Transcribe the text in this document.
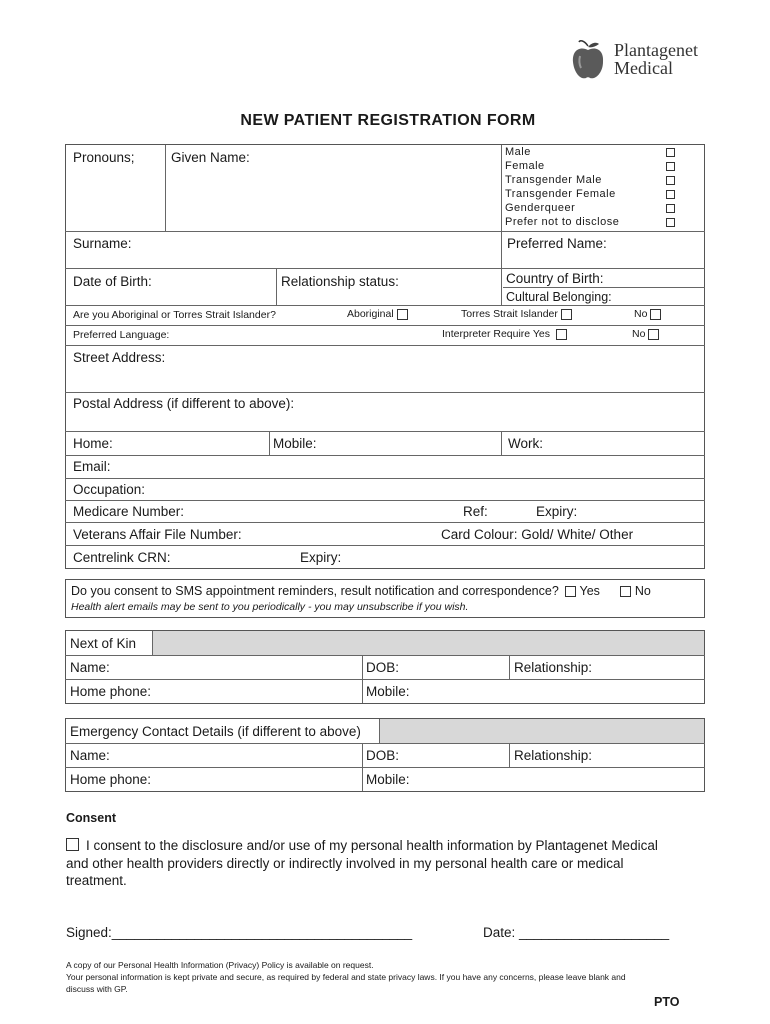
Plantagenet
Medical
NEW PATIENT REGISTRATION FORM
Pronouns;	Given Name:	Male
Female
Transgender Male
Transgender Female
Genderqueer
Prefer not to disclose
Surname:	Preferred Name:
Date of Birth:	Relationship status:	Country of Birth:
Cultural Belonging:
Are you Aboriginal or Torres Strait Islander?	Aboriginal	Torres Strait Islander	No
Preferred Language:	Interpreter Require Yes	No
Street Address:
Postal Address (if different to above):
Home:	Mobile:	Work:
Email:
Occupation:
Medicare Number:	Ref:	Expiry:
Veterans Affair File Number:	Card Colour: Gold/ White/ Other
Centrelink CRN:	Expiry:
Do you consent to SMS appointment reminders, result notification and correspondence? Yes	No
Health alert emails may be sent to you periodically - you may unsubscribe if you wish.
Next of Kin
Name:	DOB:	Relationship:
Home phone:	Mobile:
Emergency Contact Details (if different to above)
Name:	DOB:	Relationship:
Home phone:	Mobile:
Consent
I consent to the disclosure and/or use of my personal health information by Plantagenet Medical
and other health providers directly or indirectly involved in my personal health care or medical
treatment.
Signed:________________________________________	Date: ____________________
A copy of our Personal Health Information (Privacy) Policy is available on request.
Your personal information is kept private and secure, as required by federal and state privacy laws. If you have any concerns, please leave blank and
discuss with GP.
PTO
